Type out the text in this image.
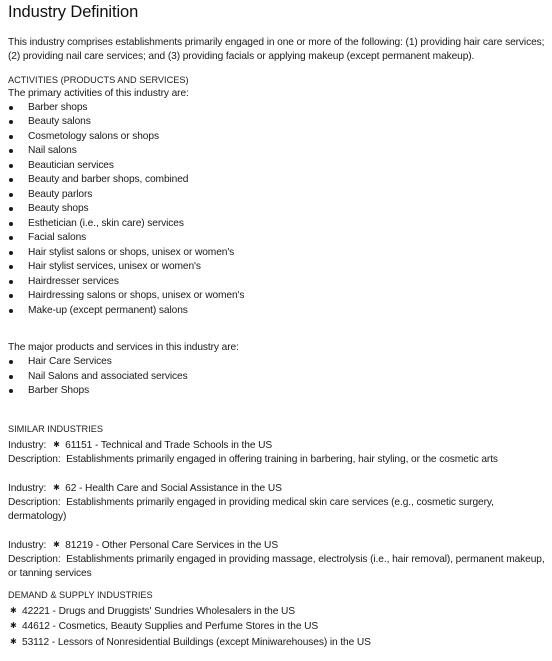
Industry Definition

This industry comprises establishments primarily engaged in one or more of the following: (1) providing hair care services; (2) providing nail care services; and (3) providing facials or applying makeup (except permanent makeup).

ACTIVITIES (PRODUCTS AND SERVICES)
The primary activities of this industry are:
Barber shops
Beauty salons
Cosmetology salons or shops
Nail salons
Beautician services
Beauty and barber shops, combined
Beauty parlors
Beauty shops
Esthetician (i.e., skin care) services
Facial salons
Hair stylist salons or shops, unisex or women's
Hair stylist services, unisex or women's
Hairdresser services
Hairdressing salons or shops, unisex or women's
Make-up (except permanent) salons
The major products and services in this industry are:
Hair Care Services
Nail Salons and associated services
Barber Shops
SIMILAR INDUSTRIES
Industry: ✱ 61151 - Technical and Trade Schools in the US
Description: Establishments primarily engaged in offering training in barbering, hair styling, or the cosmetic arts
Industry: ✱ 62 - Health Care and Social Assistance in the US
Description: Establishments primarily engaged in providing medical skin care services (e.g., cosmetic surgery, dermatology)
Industry: ✱ 81219 - Other Personal Care Services in the US
Description: Establishments primarily engaged in providing massage, electrolysis (i.e., hair removal), permanent makeup, or tanning services
DEMAND & SUPPLY INDUSTRIES
✱ 42221 - Drugs and Druggists' Sundries Wholesalers in the US
✱ 44612 - Cosmetics, Beauty Supplies and Perfume Stores in the US
✱ 53112 - Lessors of Nonresidential Buildings (except Miniwarehouses) in the US
